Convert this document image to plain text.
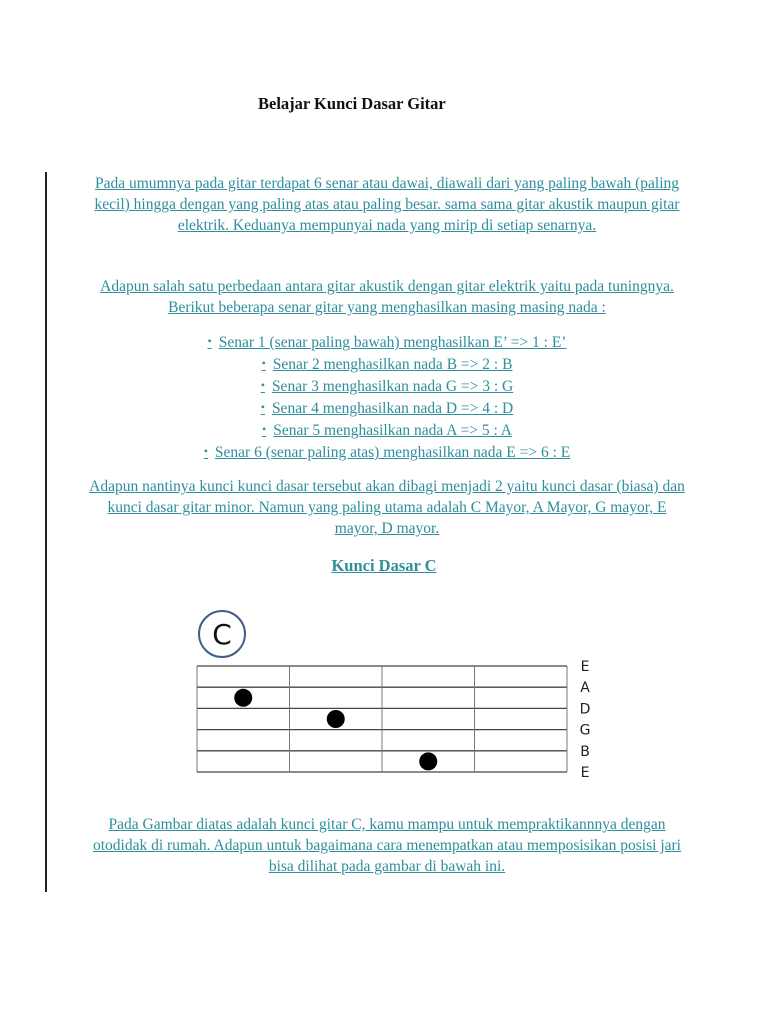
Belajar Kunci Dasar Gitar
Pada umumnya pada gitar terdapat 6 senar atau dawai, diawali dari yang paling bawah (paling kecil) hingga dengan yang paling atas atau paling besar. sama sama gitar akustik maupun gitar elektrik. Keduanya mempunyai nada yang mirip di setiap senarnya.
Adapun salah satu perbedaan antara gitar akustik dengan gitar elektrik yaitu pada tuningnya. Berikut beberapa senar gitar yang menghasilkan masing masing nada :
• Senar 1 (senar paling bawah) menghasilkan E’ => 1 : E’
• Senar 2 menghasilkan nada B => 2 : B
• Senar 3 menghasilkan nada G => 3 : G
• Senar 4 menghasilkan nada D => 4 : D
• Senar 5 menghasilkan nada A => 5 : A
• Senar 6 (senar paling atas) menghasilkan nada E => 6 : E
Adapun nantinya kunci kunci dasar tersebut akan dibagi menjadi 2 yaitu kunci dasar (biasa) dan kunci dasar gitar minor. Namun yang paling utama adalah C Mayor, A Mayor, G mayor, E mayor, D mayor.
Kunci Dasar C
C
E
A
D
G
B
E
Pada Gambar diatas adalah kunci gitar C, kamu mampu untuk mempraktikannnya dengan otodidak di rumah. Adapun untuk bagaimana cara menempatkan atau memposisikan posisi jari bisa dilihat pada gambar di bawah ini.
